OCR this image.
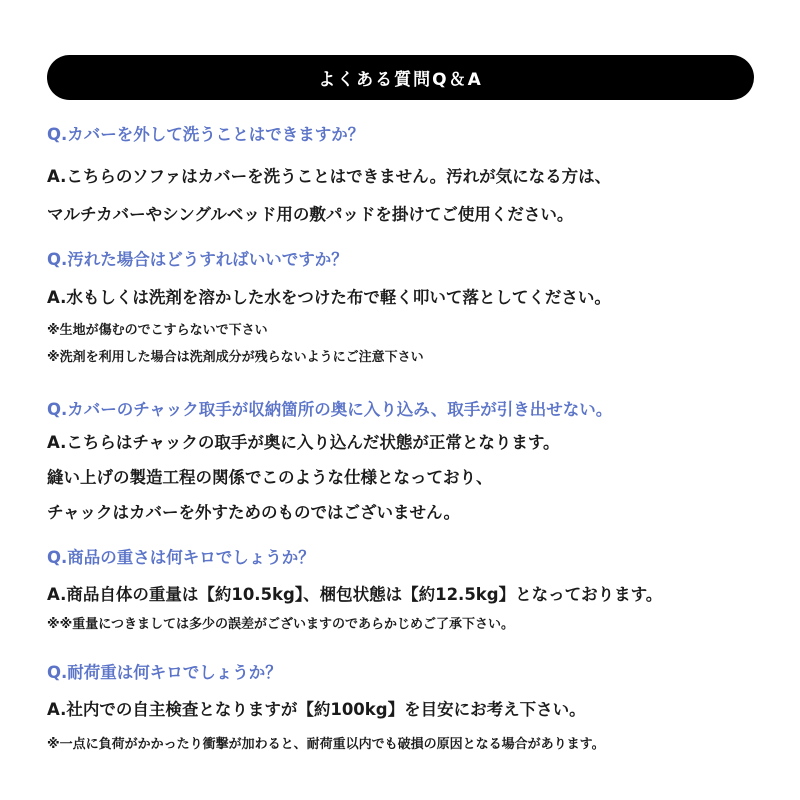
よくある質問Q＆A
Q.カバーを外して洗うことはできますか？
A.こちらのソファはカバーを洗うことはできません。汚れが気になる方は、
マルチカバーやシングルベッド用の敷パッドを掛けてご使用ください。
Q.汚れた場合はどうすればいいですか？
A.水もしくは洗剤を溶かした水をつけた布で軽く叩いて落としてください。
※生地が傷むのでこすらないで下さい
※洗剤を利用した場合は洗剤成分が残らないようにご注意下さい
Q.カバーのチャック取手が収納箇所の奥に入り込み、取手が引き出せない。
A.こちらはチャックの取手が奥に入り込んだ状態が正常となります。
縫い上げの製造工程の関係でこのような仕様となっており、
チャックはカバーを外すためのものではございません。
Q.商品の重さは何キロでしょうか？
A.商品自体の重量は【約10.5kg】、梱包状態は【約12.5kg】となっております。
※※重量につきましては多少の誤差がございますのであらかじめご了承下さい。
Q.耐荷重は何キロでしょうか？
A.社内での自主検査となりますが【約100kg】を目安にお考え下さい。
※一点に負荷がかかったり衝撃が加わると、耐荷重以内でも破損の原因となる場合があります。
